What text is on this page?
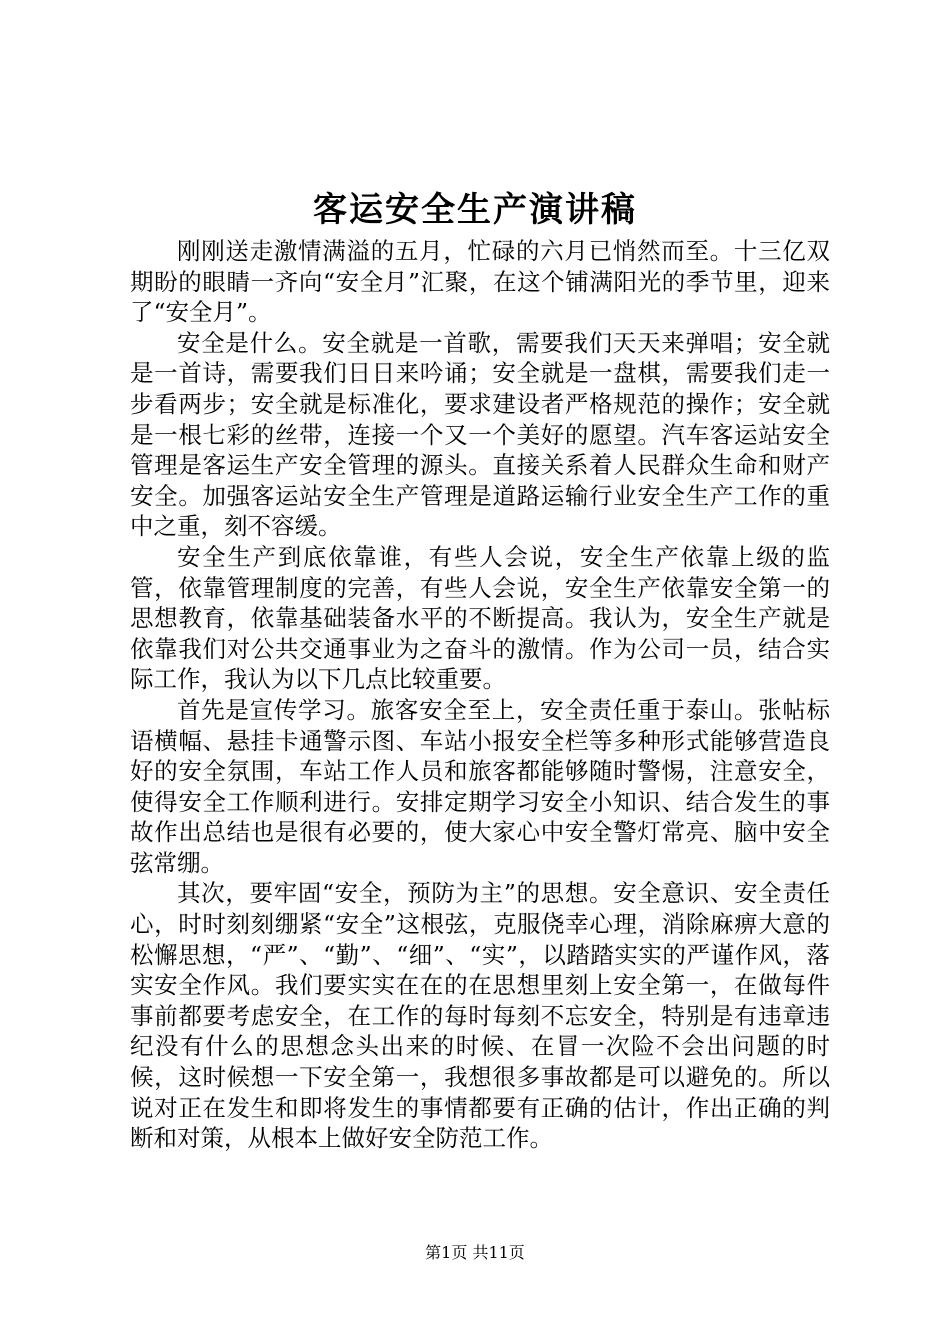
客运安全生产演讲稿

刚刚送走激情满溢的五月，忙碌的六月已悄然而至。十三亿双期盼的眼睛一齐向“安全月”汇聚，在这个铺满阳光的季节里，迎来了“安全月”。

安全是什么。安全就是一首歌，需要我们天天来弹唱；安全就是一首诗，需要我们日日来吟诵；安全就是一盘棋，需要我们走一步看两步；安全就是标准化，要求建设者严格规范的操作；安全就是一根七彩的丝带，连接一个又一个美好的愿望。汽车客运站安全管理是客运生产安全管理的源头。直接关系着人民群众生命和财产安全。加强客运站安全生产管理是道路运输行业安全生产工作的重中之重，刻不容缓。

安全生产到底依靠谁，有些人会说，安全生产依靠上级的监管，依靠管理制度的完善，有些人会说，安全生产依靠安全第一的思想教育，依靠基础装备水平的不断提高。我认为，安全生产就是依靠我们对公共交通事业为之奋斗的激情。作为公司一员，结合实际工作，我认为以下几点比较重要。

首先是宣传学习。旅客安全至上，安全责任重于泰山。张帖标语横幅、悬挂卡通警示图、车站小报安全栏等多种形式能够营造良好的安全氛围，车站工作人员和旅客都能够随时警惕，注意安全，使得安全工作顺利进行。安排定期学习安全小知识、结合发生的事故作出总结也是很有必要的，使大家心中安全警灯常亮、脑中安全弦常绷。

其次，要牢固“安全，预防为主”的思想。安全意识、安全责任心，时时刻刻绷紧“安全”这根弦，克服侥幸心理，消除麻痹大意的松懈思想，“严”、“勤”、“细”、“实”，以踏踏实实的严谨作风，落实安全作风。我们要实实在在的在思想里刻上安全第一，在做每件事前都要考虑安全，在工作的每时每刻不忘安全，特别是有违章违纪没有什么的思想念头出来的时候、在冒一次险不会出问题的时候，这时候想一下安全第一，我想很多事故都是可以避免的。所以说对正在发生和即将发生的事情都要有正确的估计，作出正确的判断和对策，从根本上做好安全防范工作。

第1页 共11页
